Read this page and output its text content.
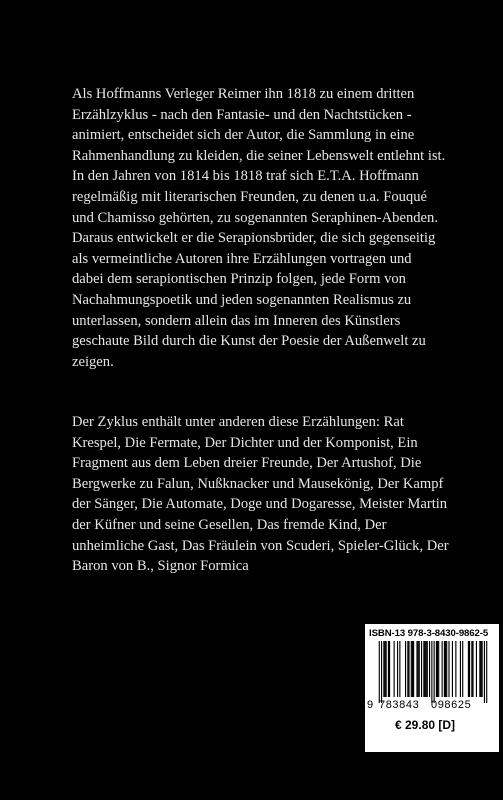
Als Hoffmanns Verleger Reimer ihn 1818 zu einem dritten
Erzählzyklus - nach den Fantasie- und den Nachtstücken -
animiert, entscheidet sich der Autor, die Sammlung in eine
Rahmenhandlung zu kleiden, die seiner Lebenswelt entlehnt ist.
In den Jahren von 1814 bis 1818 traf sich E.T.A. Hoffmann
regelmäßig mit literarischen Freunden, zu denen u.a. Fouqué
und Chamisso gehörten, zu sogenannten Seraphinen-Abenden.
Daraus entwickelt er die Serapionsbrüder, die sich gegenseitig
als vermeintliche Autoren ihre Erzählungen vortragen und
dabei dem serapiontischen Prinzip folgen, jede Form von
Nachahmungspoetik und jeden sogenannten Realismus zu
unterlassen, sondern allein das im Inneren des Künstlers
geschaute Bild durch die Kunst der Poesie der Außenwelt zu
zeigen.

Der Zyklus enthält unter anderen diese Erzählungen: Rat
Krespel, Die Fermate, Der Dichter und der Komponist, Ein
Fragment aus dem Leben dreier Freunde, Der Artushof, Die
Bergwerke zu Falun, Nußknacker und Mausekönig, Der Kampf
der Sänger, Die Automate, Doge und Dogaresse, Meister Martin
der Küfner und seine Gesellen, Das fremde Kind, Der
unheimliche Gast, Das Fräulein von Scuderi, Spieler-Glück, Der
Baron von B., Signor Formica

ISBN-13 978-3-8430-9862-5
9 783843 098625
€ 29.80 [D]
